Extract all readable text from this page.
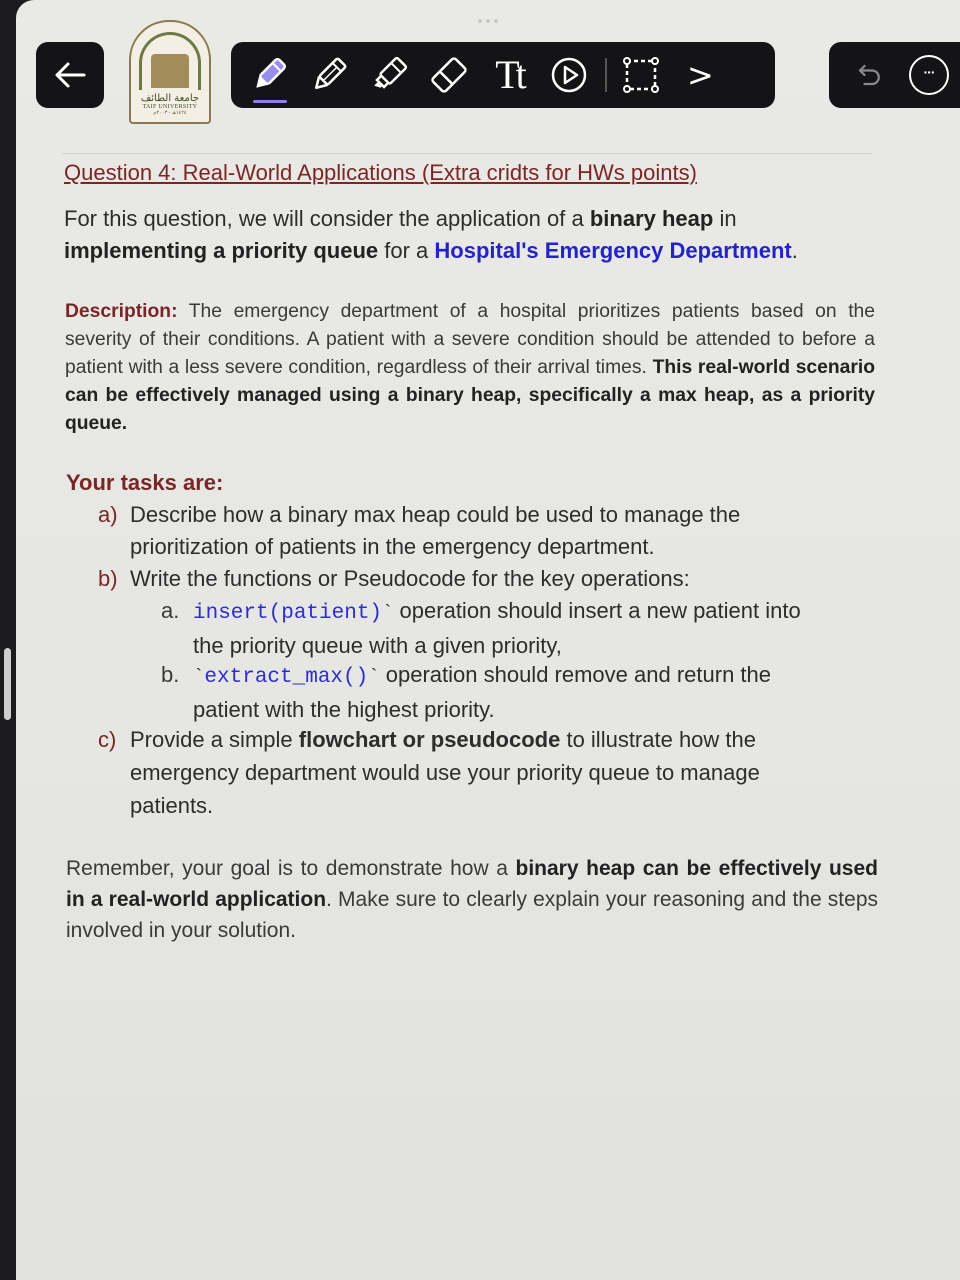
جامعة الطائف
TAIF UNIVERSITY
١٤٢٤هـ - ٢٠٠٣م
Tt	>	···
Question 4: Real-World Applications (Extra cridts for HWs points)
For this question, we will consider the application of a binary heap in implementing a priority queue for a Hospital's Emergency Department.
Description: The emergency department of a hospital prioritizes patients based on the severity of their conditions. A patient with a severe condition should be attended to before a patient with a less severe condition, regardless of their arrival times. This real-world scenario can be effectively managed using a binary heap, specifically a max heap, as a priority queue.
Your tasks are:
a) Describe how a binary max heap could be used to manage the
prioritization of patients in the emergency department.
b) Write the functions or Pseudocode for the key operations:
a. insert(patient)` operation should insert a new patient into
the priority queue with a given priority,
b. `extract_max()` operation should remove and return the
patient with the highest priority.
c) Provide a simple flowchart or pseudocode to illustrate how the
emergency department would use your priority queue to manage
patients.
Remember, your goal is to demonstrate how a binary heap can be effectively used in a real-world application. Make sure to clearly explain your reasoning and the steps involved in your solution.
